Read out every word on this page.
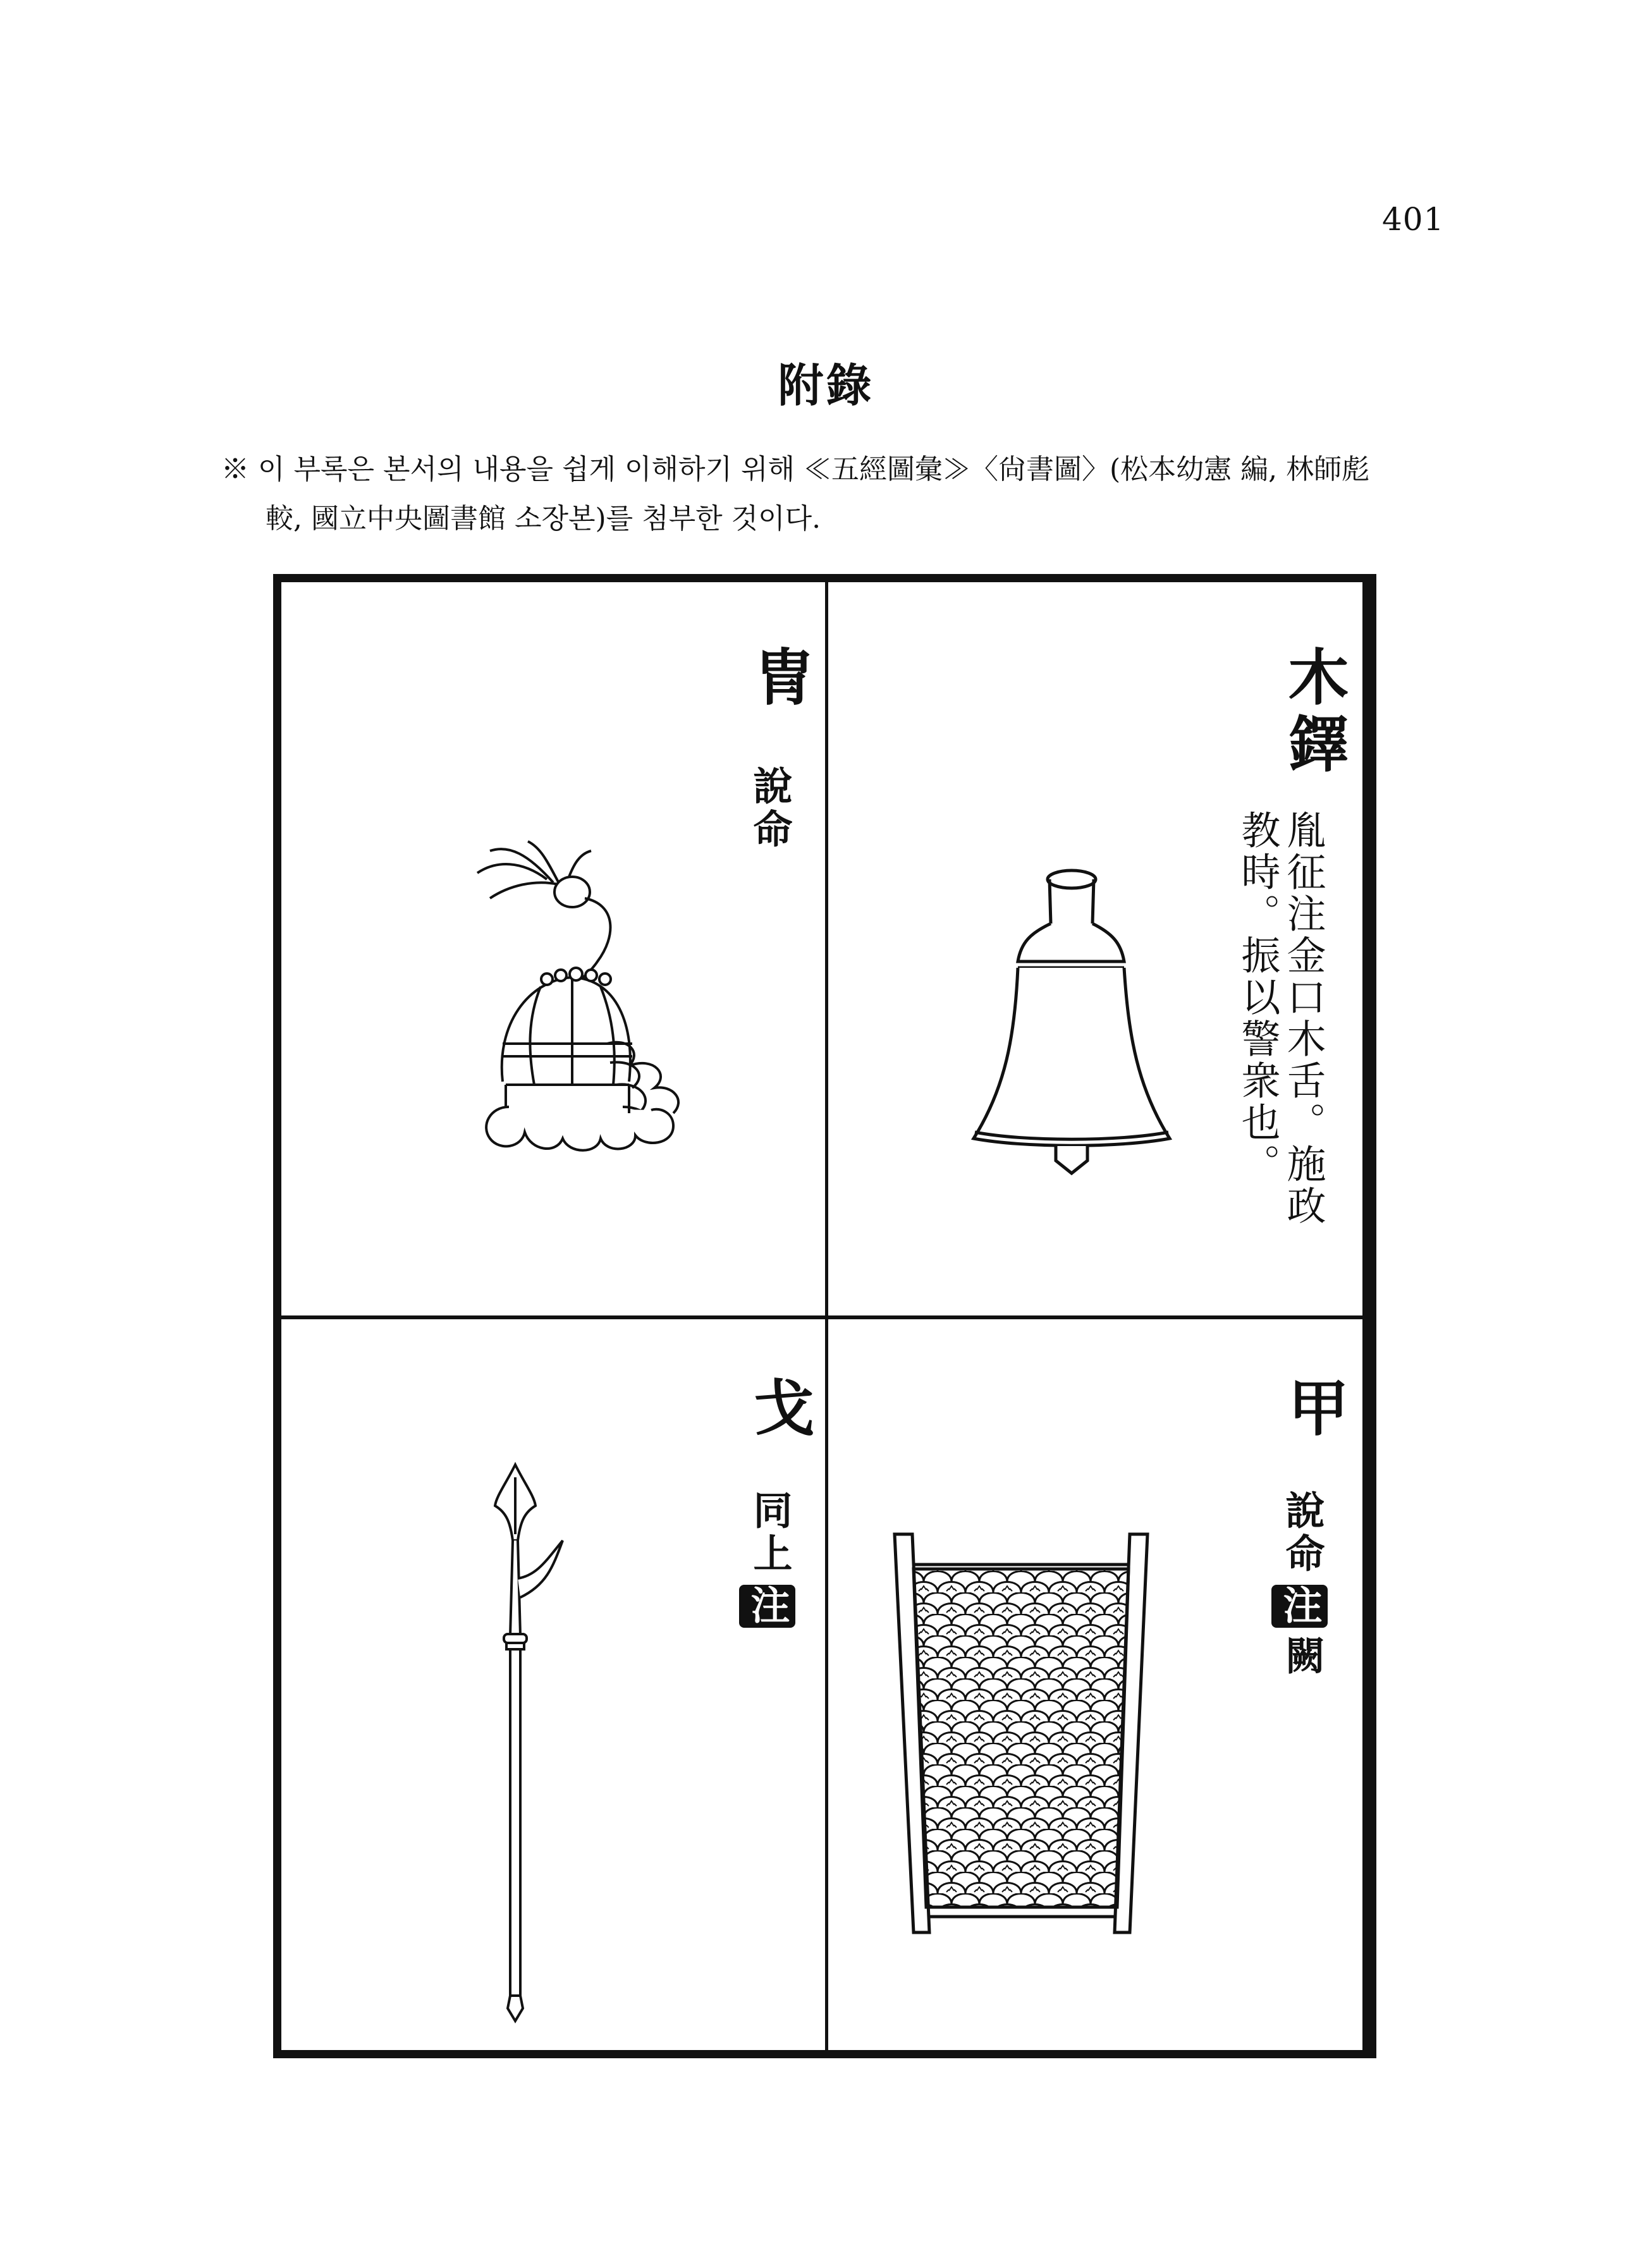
401
附錄
※ 이 부록은 본서의 내용을 쉽게 이해하기 위해 ≪五經圖彙≫〈尙書圖〉(松本幼憲 編, 林師彪
較, 國立中央圖書館 소장본)를 첨부한 것이다.
冑
說命
木鐸
胤征注金口木舌。施政
教時。振以警衆也。
戈
同上
注
甲
說命
注
闕
